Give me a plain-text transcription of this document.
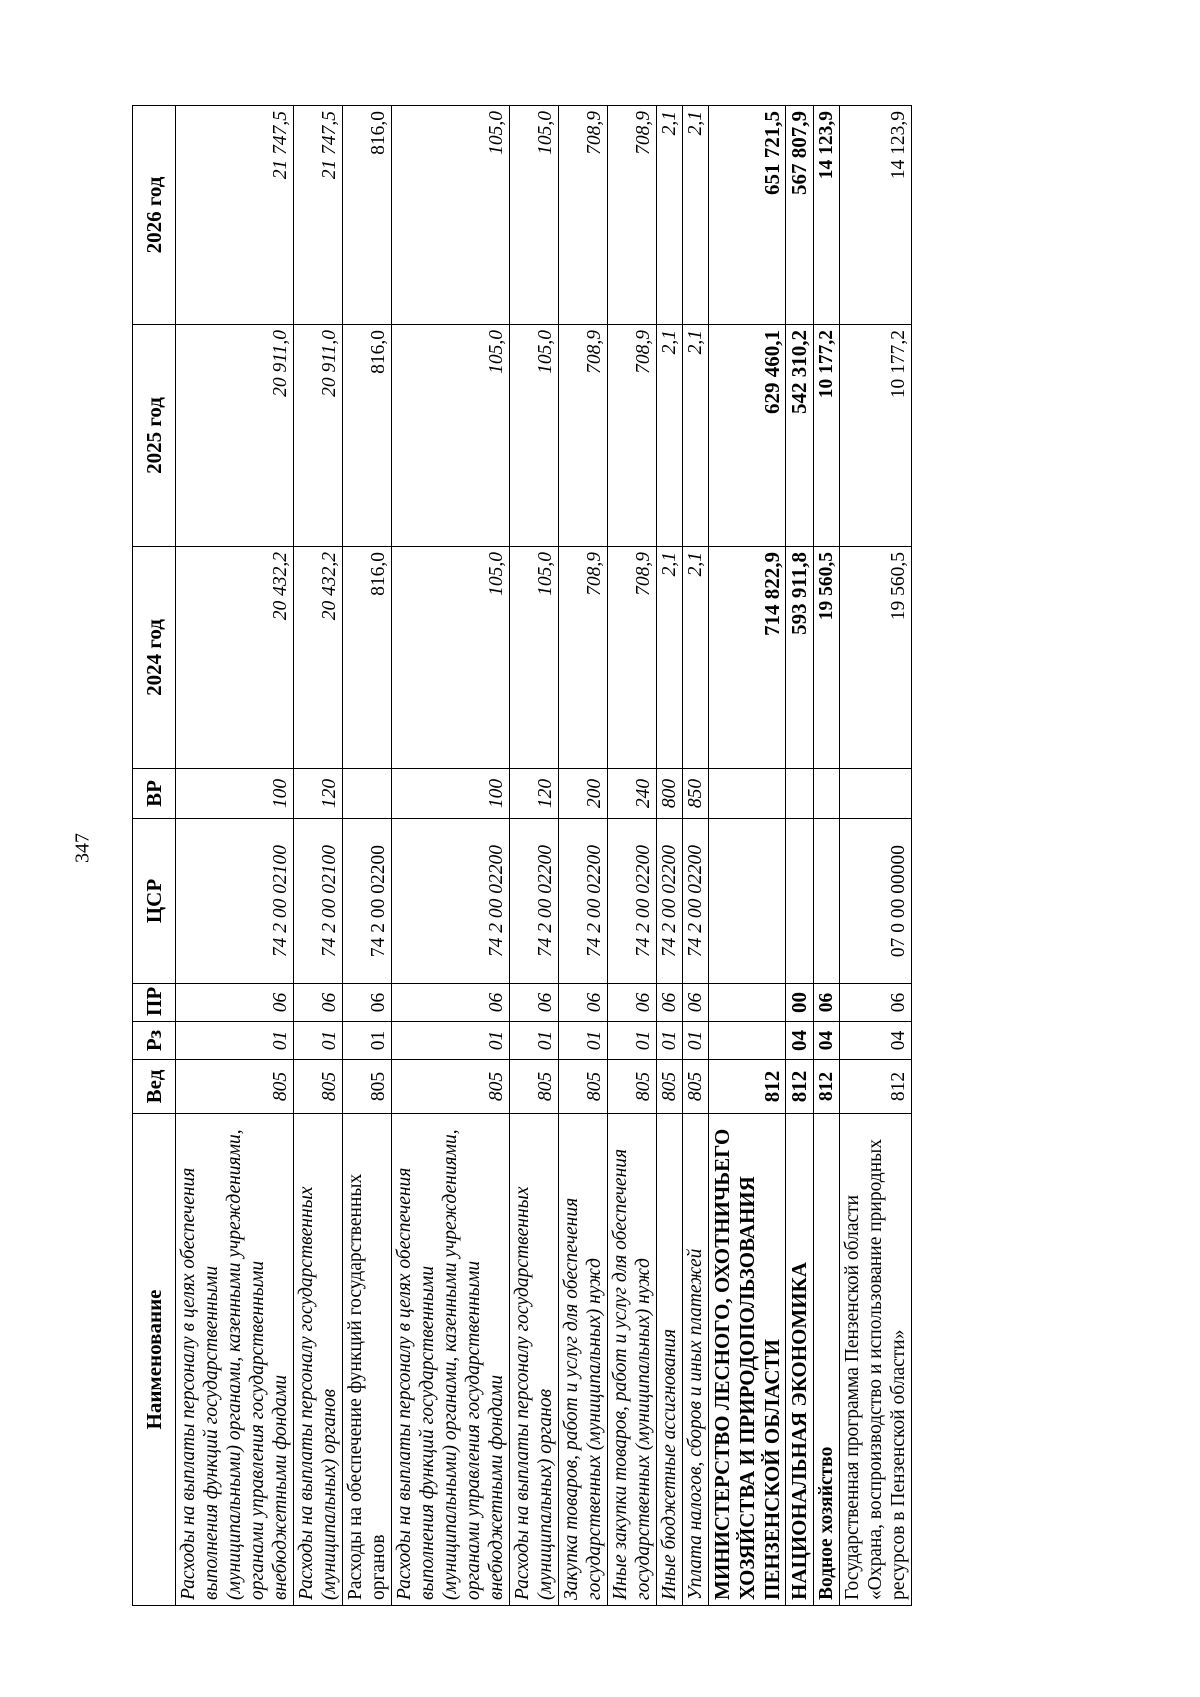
347
Наименование	Вед	Рз	ПР	ЦСР	ВР	2024 год	2025 год	2026 год
Расходы на выплаты персоналу в целях обеспечения выполнения функций государственными (муниципальными) органами, казенными учреждениями, органами управления государственными внебюджетными фондами	805	01	06	74 2 00 02100	100	20 432,2	20 911,0	21 747,5
Расходы на выплаты персоналу государственных (муниципальных) органов	805	01	06	74 2 00 02100	120	20 432,2	20 911,0	21 747,5
Расходы на обеспечение функций государственных органов	805	01	06	74 2 00 02200		816,0	816,0	816,0
Расходы на выплаты персоналу в целях обеспечения выполнения функций государственными (муниципальными) органами, казенными учреждениями, органами управления государственными внебюджетными фондами	805	01	06	74 2 00 02200	100	105,0	105,0	105,0
Расходы на выплаты персоналу государственных (муниципальных) органов	805	01	06	74 2 00 02200	120	105,0	105,0	105,0
Закупка товаров, работ и услуг для обеспечения государственных (муниципальных) нужд	805	01	06	74 2 00 02200	200	708,9	708,9	708,9
Иные закупки товаров, работ и услуг для обеспечения государственных (муниципальных) нужд	805	01	06	74 2 00 02200	240	708,9	708,9	708,9
Иные бюджетные ассигнования	805	01	06	74 2 00 02200	800	2,1	2,1	2,1
Уплата налогов, сборов и иных платежей	805	01	06	74 2 00 02200	850	2,1	2,1	2,1
МИНИСТЕРСТВО ЛЕСНОГО, ОХОТНИЧЬЕГО ХОЗЯЙСТВА И ПРИРОДОПОЛЬЗОВАНИЯ ПЕНЗЕНСКОЙ ОБЛАСТИ	812					714 822,9	629 460,1	651 721,5
НАЦИОНАЛЬНАЯ ЭКОНОМИКА	812	04	00			593 911,8	542 310,2	567 807,9
Водное хозяйство	812	04	06			19 560,5	10 177,2	14 123,9
Государственная программа Пензенской области «Охрана, воспроизводство и использование природных ресурсов в Пензенской области»	812	04	06	07 0 00 00000		19 560,5	10 177,2	14 123,9
